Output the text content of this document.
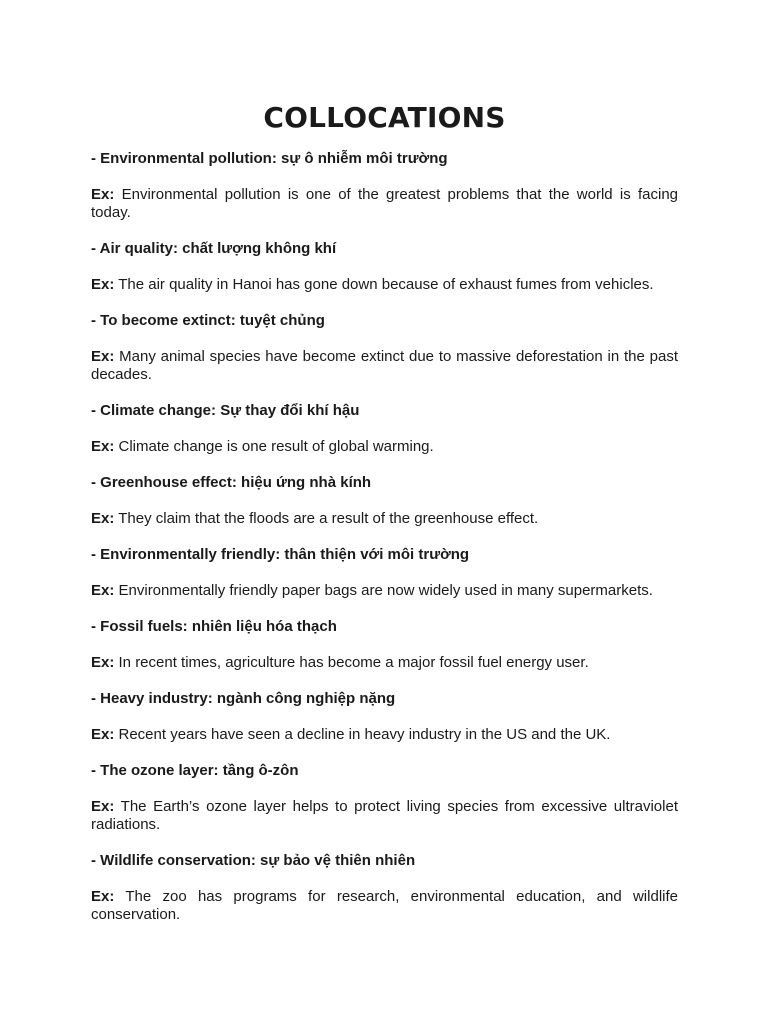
COLLOCATIONS

- Environmental pollution: sự ô nhiễm môi trường

Ex: Environmental pollution is one of the greatest problems that the world is facing today.

- Air quality: chất lượng không khí

Ex: The air quality in Hanoi has gone down because of exhaust fumes from vehicles.

- To become extinct: tuyệt chủng

Ex: Many animal species have become extinct due to massive deforestation in the past decades.

- Climate change: Sự thay đổi khí hậu

Ex: Climate change is one result of global warming.

- Greenhouse effect: hiệu ứng nhà kính

Ex: They claim that the floods are a result of the greenhouse effect.

- Environmentally friendly: thân thiện với môi trường

Ex: Environmentally friendly paper bags are now widely used in many supermarkets.

- Fossil fuels: nhiên liệu hóa thạch

Ex: In recent times, agriculture has become a major fossil fuel energy user.

- Heavy industry: ngành công nghiệp nặng

Ex: Recent years have seen a decline in heavy industry in the US and the UK.

- The ozone layer: tầng ô-zôn

Ex: The Earth’s ozone layer helps to protect living species from excessive ultraviolet radiations.

- Wildlife conservation: sự bảo vệ thiên nhiên

Ex: The zoo has programs for research, environmental education, and wildlife conservation.
